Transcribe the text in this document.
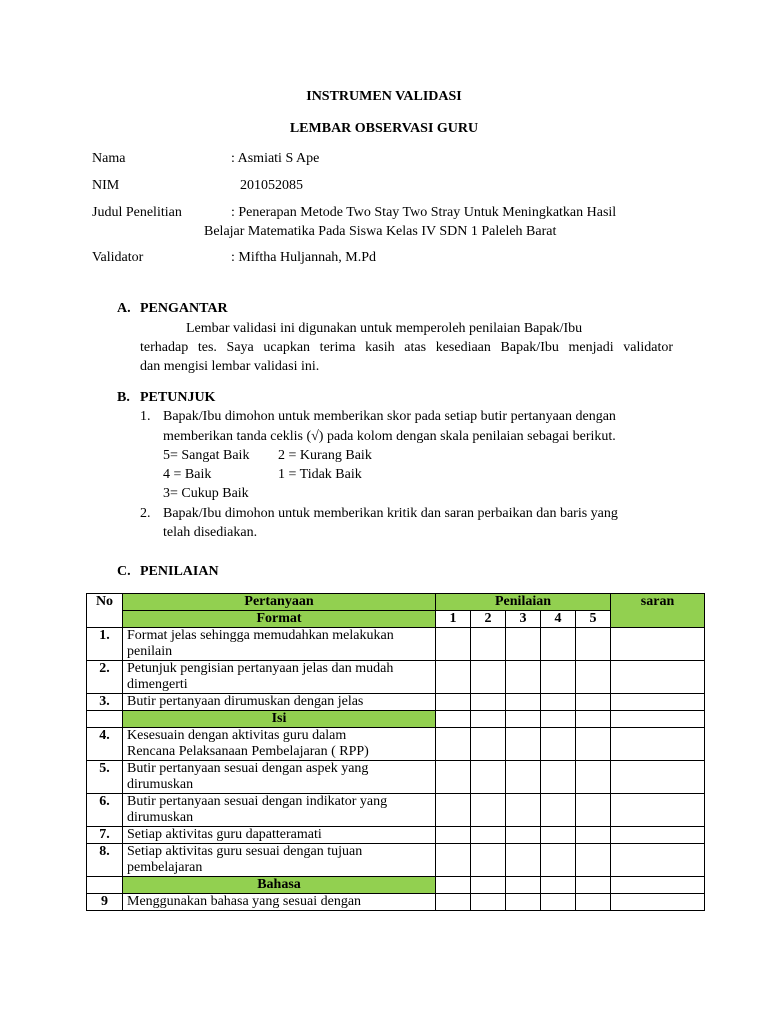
INSTRUMEN VALIDASI
LEMBAR OBSERVASI GURU
Nama	: Asmiati S Ape
NIM	201052085
Judul Penelitian	: Penerapan Metode Two Stay Two Stray Untuk Meningkatkan Hasil
Belajar Matematika Pada Siswa Kelas IV SDN 1 Paleleh Barat
Validator	: Miftha Huljannah, M.Pd
A. PENGANTAR
Lembar validasi ini digunakan untuk memperoleh penilaian Bapak/Ibu
terhadap tes. Saya ucapkan terima kasih atas kesediaan Bapak/Ibu menjadi validator
dan mengisi lembar validasi ini.
B. PETUNJUK
1. Bapak/Ibu dimohon untuk memberikan skor pada setiap butir pertanyaan dengan
memberikan tanda ceklis (√) pada kolom dengan skala penilaian sebagai berikut.
5= Sangat Baik 2 = Kurang Baik
4 = Baik	1 = Tidak Baik
3= Cukup Baik
2. Bapak/Ibu dimohon untuk memberikan kritik dan saran perbaikan dan baris yang
telah disediakan.
C. PENILAIAN
No	Pertanyaan	Penilaian					saran
	Format	1	2	3	4	5	
1.	Format jelas sehingga memudahkan melakukan
penilain						
2.	Petunjuk pengisian pertanyaan jelas dan mudah
dimengerti						
3.	Butir pertanyaan dirumuskan dengan jelas						
	Isi						
4.	Kesesuain dengan aktivitas guru dalam
Rencana Pelaksanaan Pembelajaran ( RPP)						
5.	Butir pertanyaan sesuai dengan aspek yang
dirumuskan						
6.	Butir pertanyaan sesuai dengan indikator yang
dirumuskan						
7.	Setiap aktivitas guru dapatteramati						
8.	Setiap aktivitas guru sesuai dengan tujuan
pembelajaran						
	Bahasa						
9	Menggunakan bahasa yang sesuai dengan						
